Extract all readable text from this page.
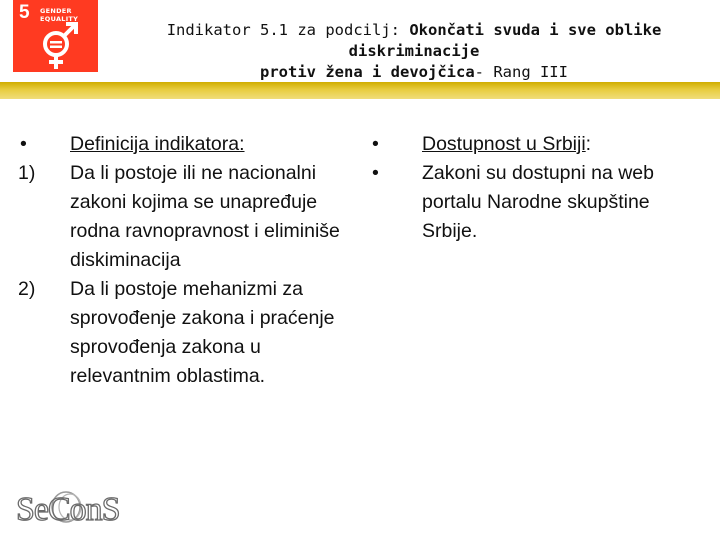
5 GENDER
EQUALITY
Indikator 5.1 za podcilj: Okončati svuda i sve oblike diskriminacije
protiv žena i devojčica- Rang III
•	Definicija indikatora:
1)	Da li postoje ili ne nacionalni zakoni kojima se unapređuje rodna ravnopravnost i eliminiše diskiminacija
2)	Da li postoje mehanizmi za sprovođenje zakona i praćenje sprovođenja zakona u relevantnim oblastima.
•	Dostupnost u Srbiji:
•	Zakoni su dostupni na web portalu Narodne skupštine Srbije.
SeConS
